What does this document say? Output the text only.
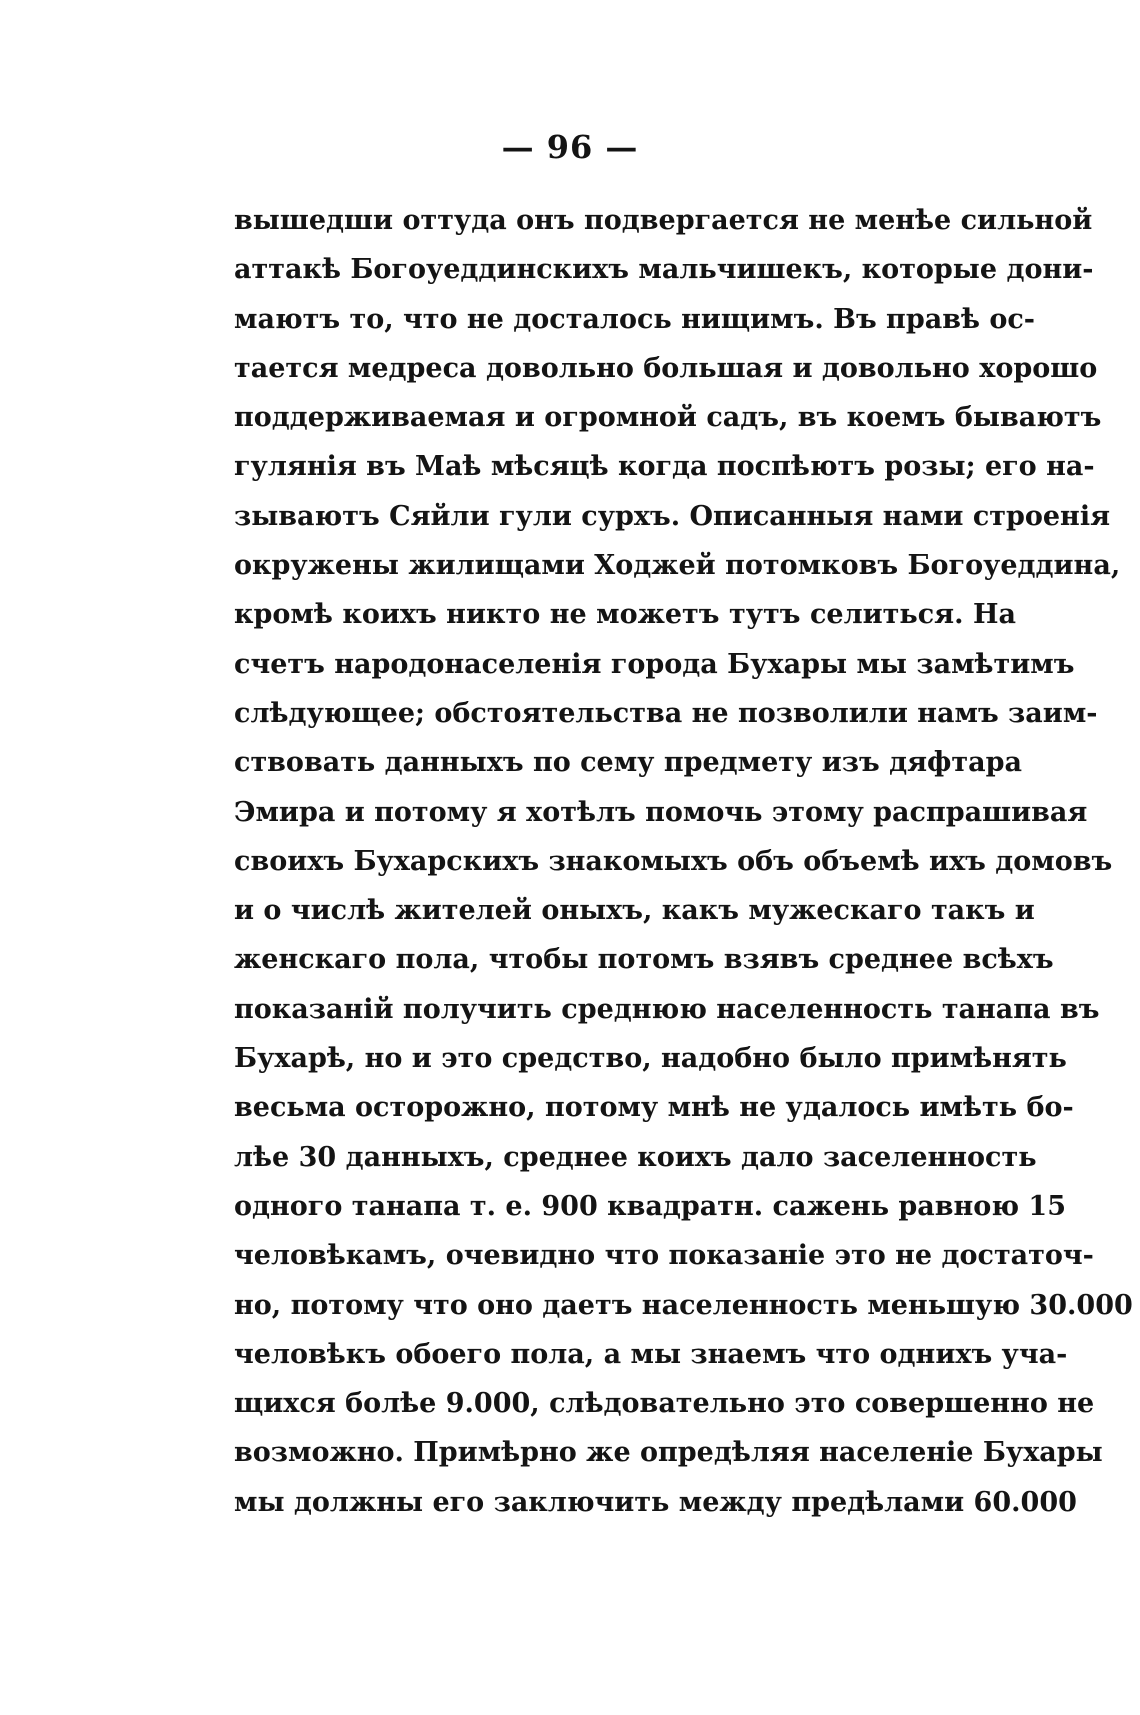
— 96 —
вышедши оттуда онъ подвергается не менѣе сильной
аттакѣ Богоуеддинскихъ мальчишекъ, которые дони-
маютъ то, что не досталось нищимъ. Въ правѣ ос-
тается медреса довольно большая и довольно хорошо
поддерживаемая и огромной садъ, въ коемъ бываютъ
гулянія въ Маѣ мѣсяцѣ когда поспѣютъ розы; его на-
зываютъ Сяйли гули сурхъ. Описанныя нами строенія
окружены жилищами Ходжей потомковъ Богоуеддина,
кромѣ коихъ никто не можетъ тутъ селиться. На
счетъ народонаселенія города Бухары мы замѣтимъ
слѣдующее; обстоятельства не позволили намъ заим-
ствовать данныхъ по сему предмету изъ дяфтара
Эмира и потому я хотѣлъ помочь этому распрашивая
своихъ Бухарскихъ знакомыхъ объ объемѣ ихъ домовъ
и о числѣ жителей оныхъ, какъ мужескаго такъ и
женскаго пола, чтобы потомъ взявъ среднее всѣхъ
показаній получить среднюю населенность танапа въ
Бухарѣ, но и это средство, надобно было примѣнять
весьма осторожно, потому мнѣ не удалось имѣть бо-
лѣе 30 данныхъ, среднее коихъ дало заселенность
одного танапа т. е. 900 квадратн. сажень равною 15
человѣкамъ, очевидно что показаніе это не достаточ-
но, потому что оно даетъ населенность меньшую 30.000
человѣкъ обоего пола, а мы знаемъ что однихъ уча-
щихся болѣе 9.000, слѣдовательно это совершенно не
возможно. Примѣрно же опредѣляя населеніе Бухары
мы должны его заключить между предѣлами 60.000
